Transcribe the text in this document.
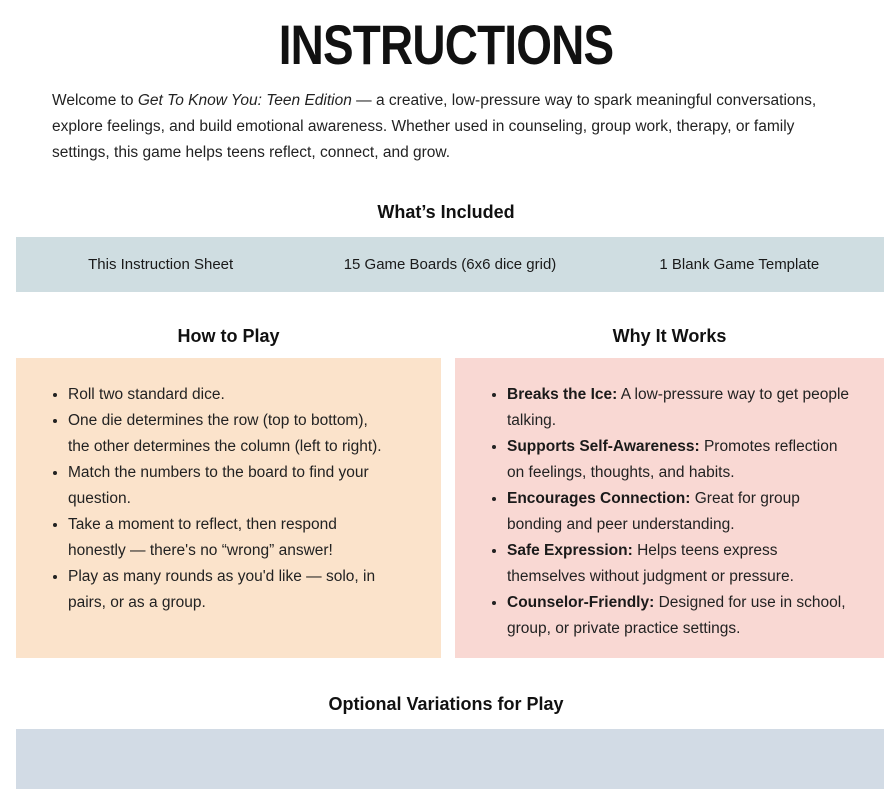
INSTRUCTIONS

Welcome to Get To Know You: Teen Edition — a creative, low-pressure way to spark meaningful conversations, explore feelings, and build emotional awareness. Whether used in counseling, group work, therapy, or family settings, this game helps teens reflect, connect, and grow.

What’s Included
This Instruction Sheet	15 Game Boards (6x6 dice grid)	1 Blank Game Template
How to Play
• Roll two standard dice.
• One die determines the row (top to bottom), the other determines the column (left to right).
• Match the numbers to the board to find your question.
• Take a moment to reflect, then respond honestly — there's no “wrong” answer!
• Play as many rounds as you'd like — solo, in pairs, or as a group.
Why It Works
• Breaks the Ice: A low-pressure way to get people talking.
• Supports Self-Awareness: Promotes reflection on feelings, thoughts, and habits.
• Encourages Connection: Great for group bonding and peer understanding.
• Safe Expression: Helps teens express themselves without judgment or pressure.
• Counselor-Friendly: Designed for use in school, group, or private practice settings.
Optional Variations for Play
